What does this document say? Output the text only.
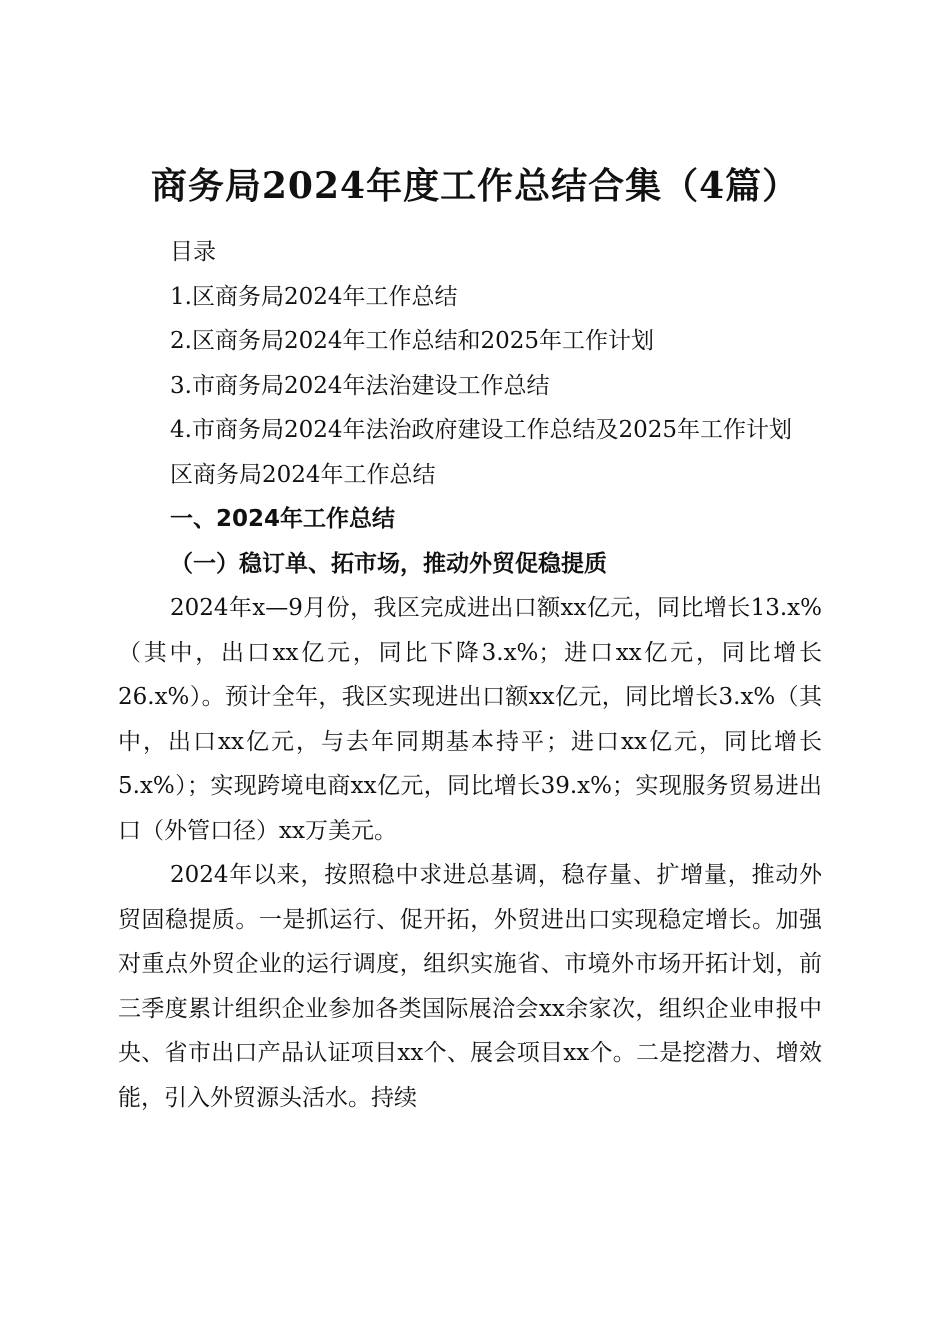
商务局2024年度工作总结合集（4篇）

目录

1.区商务局2024年工作总结

2.区商务局2024年工作总结和2025年工作计划

3.市商务局2024年法治建设工作总结

4.市商务局2024年法治政府建设工作总结及2025年工作计划

区商务局2024年工作总结

一、2024年工作总结

（一）稳订单、拓市场，推动外贸促稳提质

2024年x—9月份，我区完成进出口额xx亿元，同比增长13.x%（其中，出口xx亿元，同比下降3.x%；进口xx亿元，同比增长26.x%）。预计全年，我区实现进出口额xx亿元，同比增长3.x%（其中，出口xx亿元，与去年同期基本持平；进口xx亿元，同比增长5.x%）；实现跨境电商xx亿元，同比增长39.x%；实现服务贸易进出口（外管口径）xx万美元。

2024年以来，按照稳中求进总基调，稳存量、扩增量，推动外贸固稳提质。一是抓运行、促开拓，外贸进出口实现稳定增长。加强对重点外贸企业的运行调度，组织实施省、市境外市场开拓计划，前三季度累计组织企业参加各类国际展洽会xx余家次，组织企业申报中央、省市出口产品认证项目xx个、展会项目xx个。二是挖潜力、增效能，引入外贸源头活水。持续
